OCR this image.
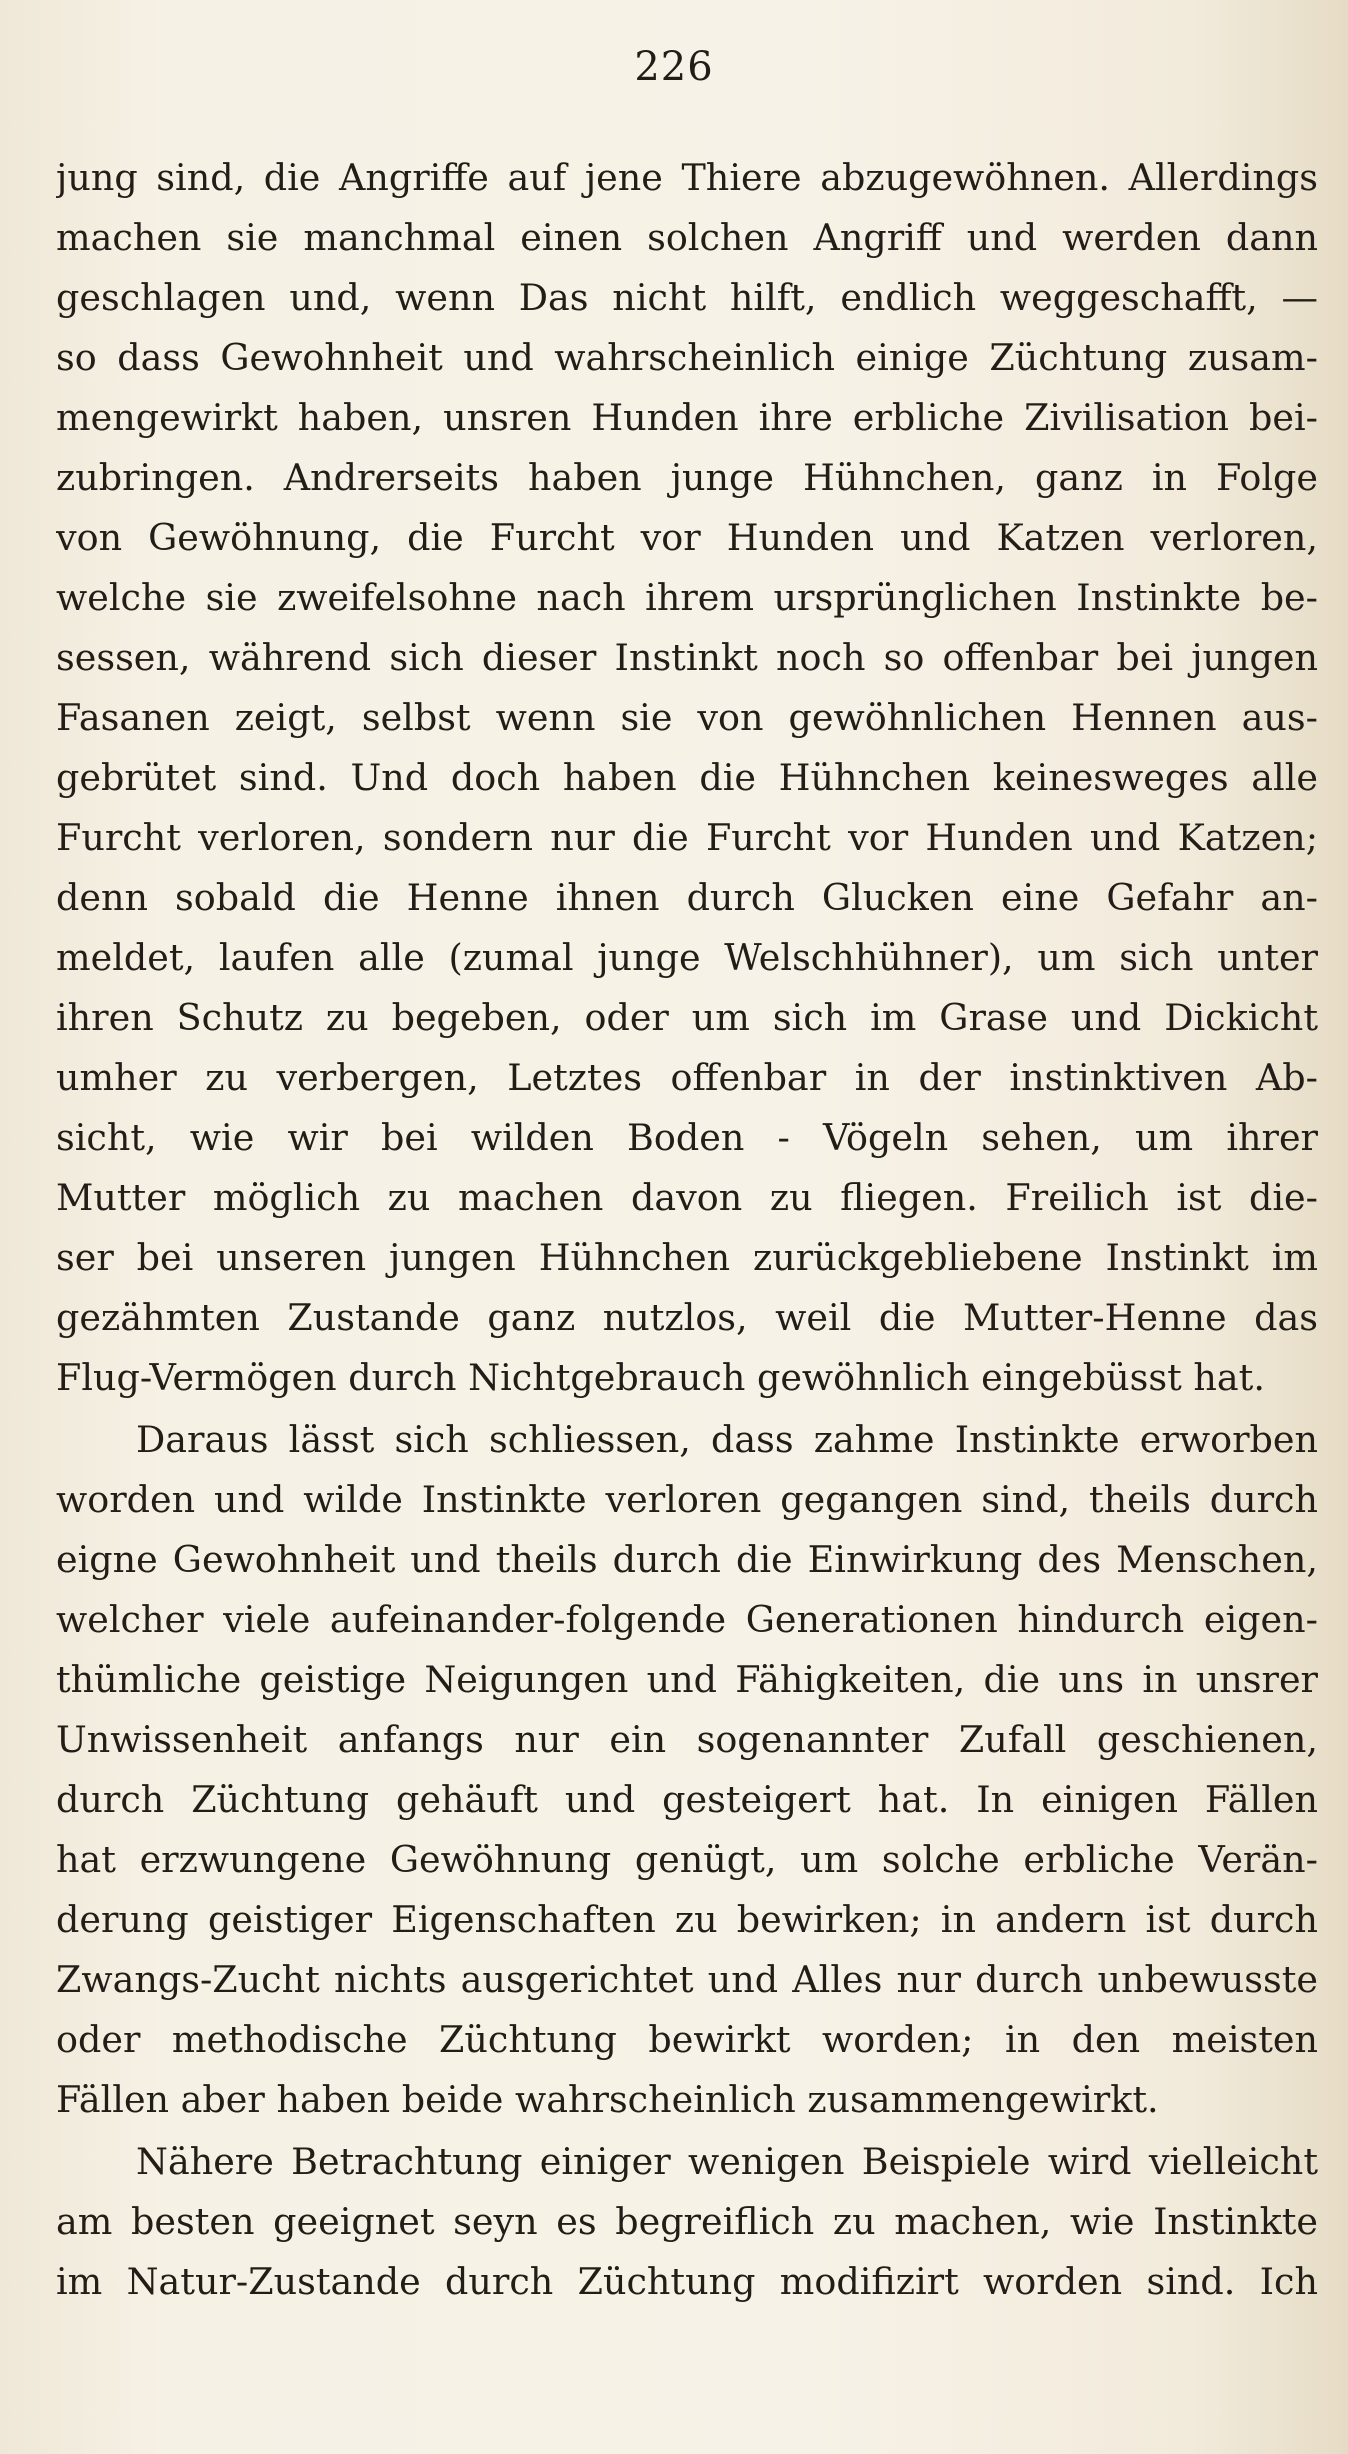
226
jung sind, die Angriffe auf jene Thiere abzugewöhnen. Allerdings
machen sie manchmal einen solchen Angriff und werden dann
geschlagen und, wenn Das nicht hilft, endlich weggeschafft, —
so dass Gewohnheit und wahrscheinlich einige Züchtung zusam-
mengewirkt haben, unsren Hunden ihre erbliche Zivilisation bei-
zubringen. Andrerseits haben junge Hühnchen, ganz in Folge
von Gewöhnung, die Furcht vor Hunden und Katzen verloren,
welche sie zweifelsohne nach ihrem ursprünglichen Instinkte be-
sessen, während sich dieser Instinkt noch so offenbar bei jungen
Fasanen zeigt, selbst wenn sie von gewöhnlichen Hennen aus-
gebrütet sind. Und doch haben die Hühnchen keinesweges alle
Furcht verloren, sondern nur die Furcht vor Hunden und Katzen;
denn sobald die Henne ihnen durch Glucken eine Gefahr an-
meldet, laufen alle (zumal junge Welschhühner), um sich unter
ihren Schutz zu begeben, oder um sich im Grase und Dickicht
umher zu verbergen, Letztes offenbar in der instinktiven Ab-
sicht, wie wir bei wilden Boden - Vögeln sehen, um ihrer
Mutter möglich zu machen davon zu fliegen. Freilich ist die-
ser bei unseren jungen Hühnchen zurückgebliebene Instinkt im
gezähmten Zustande ganz nutzlos, weil die Mutter-Henne das
Flug-Vermögen durch Nichtgebrauch gewöhnlich eingebüsst hat.
Daraus lässt sich schliessen, dass zahme Instinkte erworben
worden und wilde Instinkte verloren gegangen sind, theils durch
eigne Gewohnheit und theils durch die Einwirkung des Menschen,
welcher viele aufeinander-folgende Generationen hindurch eigen-
thümliche geistige Neigungen und Fähigkeiten, die uns in unsrer
Unwissenheit anfangs nur ein sogenannter Zufall geschienen,
durch Züchtung gehäuft und gesteigert hat. In einigen Fällen
hat erzwungene Gewöhnung genügt, um solche erbliche Verän-
derung geistiger Eigenschaften zu bewirken; in andern ist durch
Zwangs-Zucht nichts ausgerichtet und Alles nur durch unbewusste
oder methodische Züchtung bewirkt worden; in den meisten
Fällen aber haben beide wahrscheinlich zusammengewirkt.
Nähere Betrachtung einiger wenigen Beispiele wird vielleicht
am besten geeignet seyn es begreiflich zu machen, wie Instinkte
im Natur-Zustande durch Züchtung modifizirt worden sind. Ich
